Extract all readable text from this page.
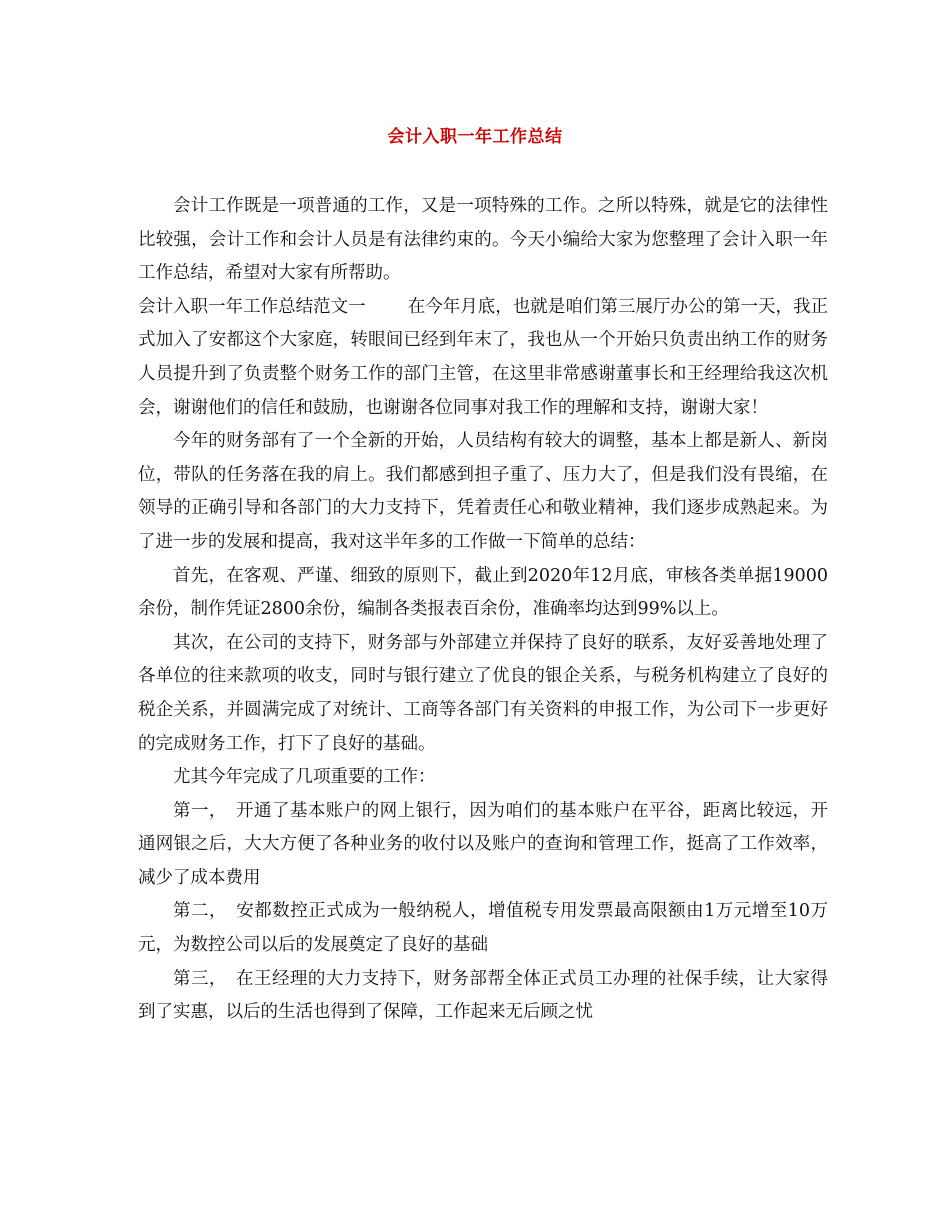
会计入职一年工作总结

会计工作既是一项普通的工作，又是一项特殊的工作。之所以特殊，就是它的法律性比较强，会计工作和会计人员是有法律约束的。今天小编给大家为您整理了会计入职一年工作总结，希望对大家有所帮助。

会计入职一年工作总结范文一 在今年月底，也就是咱们第三展厅办公的第一天，我正式加入了安都这个大家庭，转眼间已经到年末了，我也从一个开始只负责出纳工作的财务人员提升到了负责整个财务工作的部门主管，在这里非常感谢董事长和王经理给我这次机会，谢谢他们的信任和鼓励，也谢谢各位同事对我工作的理解和支持，谢谢大家！

今年的财务部有了一个全新的开始，人员结构有较大的调整，基本上都是新人、新岗位，带队的任务落在我的肩上。我们都感到担子重了、压力大了，但是我们没有畏缩，在领导的正确引导和各部门的大力支持下，凭着责任心和敬业精神，我们逐步成熟起来。为了进一步的发展和提高，我对这半年多的工作做一下简单的总结：

首先，在客观、严谨、细致的原则下，截止到2020年12月底，审核各类单据19000余份，制作凭证2800余份，编制各类报表百余份，准确率均达到99%以上。

其次，在公司的支持下，财务部与外部建立并保持了良好的联系，友好妥善地处理了各单位的往来款项的收支，同时与银行建立了优良的银企关系，与税务机构建立了良好的税企关系，并圆满完成了对统计、工商等各部门有关资料的申报工作，为公司下一步更好的完成财务工作，打下了良好的基础。

尤其今年完成了几项重要的工作：

第一，　开通了基本账户的网上银行，因为咱们的基本账户在平谷，距离比较远，开通网银之后，大大方便了各种业务的收付以及账户的查询和管理工作，挺高了工作效率，减少了成本费用

第二，　安都数控正式成为一般纳税人，增值税专用发票最高限额由1万元增至10万元，为数控公司以后的发展奠定了良好的基础

第三，　在王经理的大力支持下，财务部帮全体正式员工办理的社保手续，让大家得到了实惠，以后的生活也得到了保障，工作起来无后顾之忧
